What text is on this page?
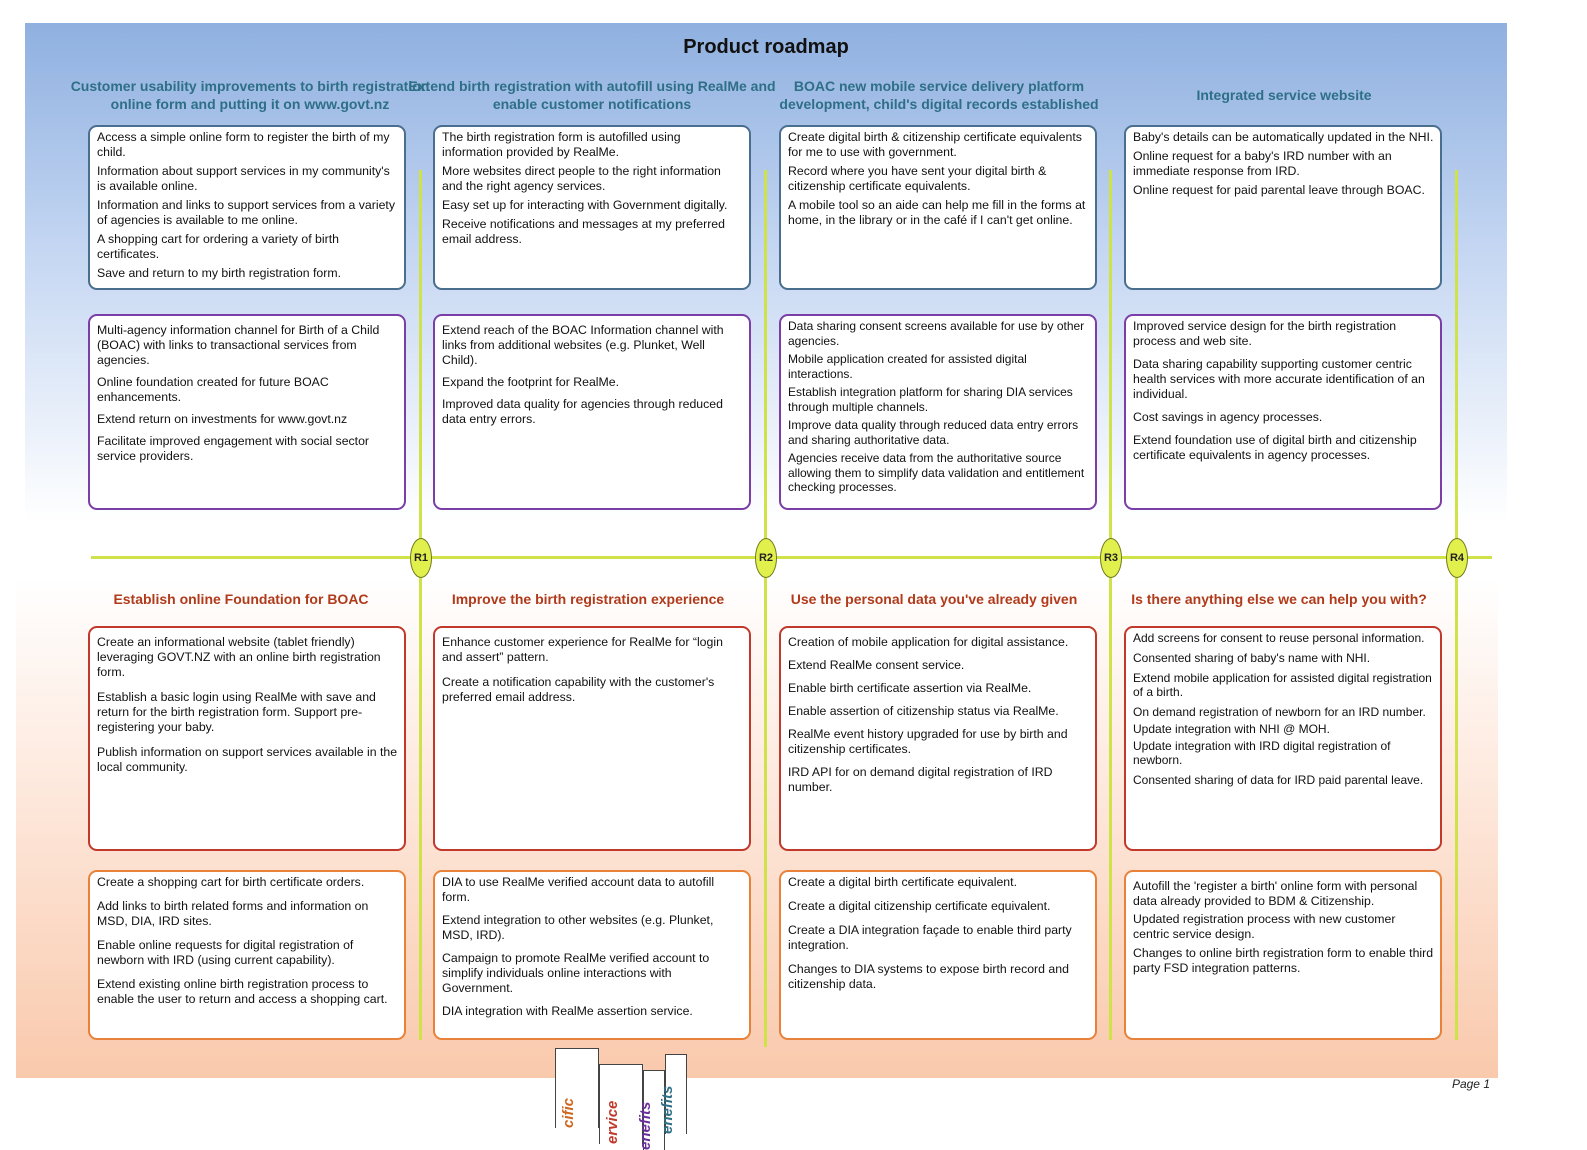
Product roadmap
Customer usability improvements to birth registration online form and putting it on www.govt.nz
Extend birth registration with autofill using RealMe and enable customer notifications
BOAC new mobile service delivery platform development, child's digital records established
Integrated service website

Access a simple online form to register the birth of my child.

Information about support services in my community's is available online.

Information and links to support services from a variety of agencies is available to me online.

A shopping cart for ordering a variety of birth certificates.

Save and return to my birth registration form.

The birth registration form is autofilled using information provided by RealMe.

More websites direct people to the right information and the right agency services.

Easy set up for interacting with Government digitally.

Receive notifications and messages at my preferred email address.

Create digital birth & citizenship certificate equivalents for me to use with government.

Record where you have sent your digital birth & citizenship certificate equivalents.

A mobile tool so an aide can help me fill in the forms at home, in the library or in the café if I can't get online.

Baby's details can be automatically updated in the NHI.

Online request for a baby's IRD number with an immediate response from IRD.

Online request for paid parental leave through BOAC.

Multi-agency information channel for Birth of a Child (BOAC) with links to transactional services from agencies.

Online foundation created for future BOAC enhancements.

Extend return on investments for www.govt.nz

Facilitate improved engagement with social sector service providers.

Extend reach of the BOAC Information channel with links from additional websites (e.g. Plunket, Well Child).

Expand the footprint for RealMe.

Improved data quality for agencies through reduced data entry errors.

Data sharing consent screens available for use by other agencies.

Mobile application created for assisted digital interactions.

Establish integration platform for sharing DIA services through multiple channels.

Improve data quality through reduced data entry errors and sharing authoritative data.

Agencies receive data from the authoritative source allowing them to simplify data validation and entitlement checking processes.

Improved service design for the birth registration process and web site.

Data sharing capability supporting customer centric health services with more accurate identification of an individual.

Cost savings in agency processes.

Extend foundation use of digital birth and citizenship certificate equivalents in agency processes.

R1	R2	R3	R4
Establish online Foundation for BOAC	Improve the birth registration experience	Use the personal data you've already given	Is there anything else we can help you with?

Create an informational website (tablet friendly) leveraging GOVT.NZ with an online birth registration form.

Establish a basic login using RealMe with save and return for the birth registration form. Support pre-registering your baby.

Publish information on support services available in the local community.

Enhance customer experience for RealMe for “login and assert” pattern.

Create a notification capability with the customer's preferred email address.

Creation of mobile application for digital assistance.

Extend RealMe consent service.

Enable birth certificate assertion via RealMe.

Enable assertion of citizenship status via RealMe.

RealMe event history upgraded for use by birth and citizenship certificates.

IRD API for on demand digital registration of IRD number.

Add screens for consent to reuse personal information.

Consented sharing of baby's name with NHI.

Extend mobile application for assisted digital registration of a birth.

On demand registration of newborn for an IRD number.

Update integration with NHI @ MOH.

Update integration with IRD digital registration of newborn.

Consented sharing of data for IRD paid parental leave.

Create a shopping cart for birth certificate orders.

Add links to birth related forms and information on MSD, DIA, IRD sites.

Enable online requests for digital registration of newborn with IRD (using current capability).

Extend existing online birth registration process to enable the user to return and access a shopping cart.

DIA to use RealMe verified account data to autofill form.

Extend integration to other websites (e.g. Plunket, MSD, IRD).

Campaign to promote RealMe verified account to simplify individuals online interactions with Government.

DIA integration with RealMe assertion service.

Create a digital birth certificate equivalent.

Create a digital citizenship certificate equivalent.

Create a DIA integration façade to enable third party integration.

Changes to DIA systems to expose birth record and citizenship data.

Autofill the 'register a birth' online form with personal data already provided to BDM & Citizenship.

Updated registration process with new customer centric service design.

Changes to online birth registration form to enable third party FSD integration patterns.

cific ervice enefits enefits
Page 1
